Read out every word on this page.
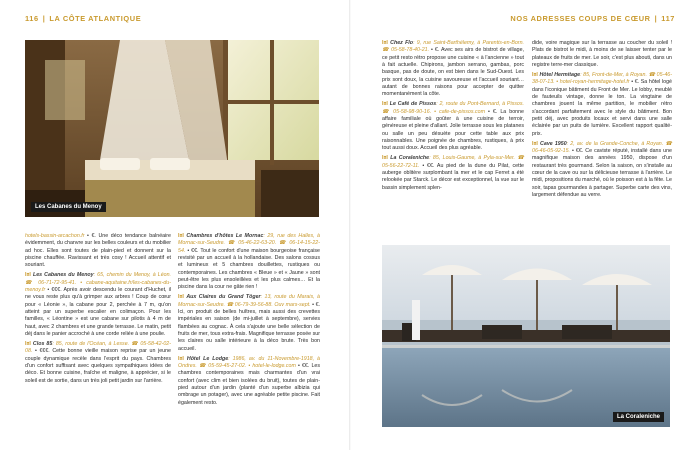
116 | LA CÔTE ATLANTIQUE	NOS ADRESSES COUPS DE CŒUR | 117
Les Cabanes du Menoy
La Coraleniche

hotels-bassin-arcachon.fr • €. Une déco tendance balnéaire évidemment, du chanvre sur les belles couleurs et du mobilier ad hoc. Elles sont toutes de plain-pied et donnent sur la piscine chauffée. Ravissant et très cosy ! Accueil attentif et souriant.

I¤I Les Cabanes du Menoy: 65, chemin du Menoy, à Léon. ☎ 06-71-72-95-41. • cabane-aquitaine.fr/les-cabanes-du-menoy.fr • €€€. Après avoir descendu le courant d'Huchet, il ne vous reste plus qu'à grimper aux arbres ! Coup de cœur pour « Léonie », la cabane pour 2, perchée à 7 m, qu'on atteint par un superbe escalier en colimaçon. Pour les familles, « Léontine » est une cabane sur pilotis à 4 m de haut, avec 2 chambres et une grande terrasse. Le matin, petit déj dans le panier accroché à une corde reliée à une poulie.

I¤I Clos 85: 85, route de l'Océan, à Lesse. ☎ 05-58-42-02-08. • €€€. Cette bonne vieille maison reprise par un jeune couple dynamique recèle dans l'esprit du pays. Chambres d'un confort suffisant avec quelques sympathiques idées de déco. Et bonne cuisine, fraîche et maligne, à apprécier, si le soleil est de sortie, dans un très joli petit jardin sur l'arrière.

I¤I Chambres d'hôtes Le Mornac: 29, rue des Halles, à Mornac-sur-Seudre. ☎ 05-46-22-63-20. ☎ 06-14-15-22-54. • €€. Tout le confort d'une maison bourgeoise française revisité par un accueil à la hollandaise. Des salons cossus et lumineux et 5 chambres douillettes, rustiques ou contemporaines. Les chambres « Bleue » et « Jaune » sont peut-être les plus ensoleillées et les plus calmes… Et la piscine dans la cour ne gâte rien !

I¤I Aux Claires du Grand Tôger: 13, route du Marais, à Mornac-sur-Seudre. ☎ 06-79-39-56-88. Ouv mars-sept. • €. Ici, on produit de belles huîtres, mais aussi des crevettes impériales en saison (de mi-juillet à septembre), servies flambées au cognac. À cela s'ajoute une belle sélection de fruits de mer, tous extra-frais. Magnifique terrasse posée sur les claires ou salle intérieure à la déco brute. Très bon accueil.

I¤I Hôtel Le Lodge: 1986, av. du 11-Novembre-1918, à Ondres. ☎ 05-59-45-27-02. • hotel-le-lodge.com • €€. Les chambres contemporaines mais charmantes d'un vrai confort (avec clim et bien isolées du bruit), toutes de plain-pied autour d'un jardin (planté d'un superbe albizia qui ombrage un potager), avec une agréable petite piscine. Fait également resto.

I¤I Chez Flo: 9, rue Saint-Barthélemy, à Parentis-en-Born. ☎ 05-58-78-40-21. • €. Avec ses airs de bistrot de village, ce petit resto rétro propose une cuisine « à l'ancienne » tout à fait actuelle. Chipirons, jambon serrano, gambas, porc basque, pas de doute, on est bien dans le Sud-Ouest. Les prix sont doux, la cuisine savoureuse et l'accueil souriant… autant de bonnes raisons pour accepter de quitter momentanément la côte.

I¤I Le Café de Pissos: 2, route du Pont-Bernard, à Pissos. ☎ 05-58-98-90-16. • cafe-de-pissos.com • €. La bonne affaire familiale où goûter à une cuisine de terroir, généreuse et pleine d'allant. Jolie terrasse sous les platanes ou salle un peu désuète pour cette table aux prix raisonnables. Une poignée de chambres, rustiques, à prix tout aussi doux. Accueil des plus agréable.

I¤I La Coraleniche: 85, Louis-Gaume, à Pyla-sur-Mer. ☎ 05-56-22-72-11. • €€. Au pied de la dune du Pilat, cette auberge oblitère surplombant la mer et le cap Ferret a été relookée par Starck. Le décor est exceptionnel, la vue sur le bassin simplement splen-

dide, voire magique sur la terrasse au coucher du soleil ! Plats de bistrot le midi, à moins de se laisser tenter par le plateaux de fruits de mer. Le soir, c'est plus abouti, dans un registre terre-mer classique.

I¤I Hôtel Hermitage: 85, Front-de-Mer, à Royan. ☎ 05-46-38-07-13. • hotel-royan-hermitage-hotel.fr • €. Sa hôtel logé dans l'iconique bâtiment du Front de Mer. Le lobby, meublé de fauteuils vintage, donne le ton. La vingtaine de chambres jouent la même partition, le mobilier rétro s'accordant parfaitement avec le style du bâtiment. Bon petit déj, avec produits locaux et servi dans une salle éclairée par un puits de lumière. Excellent rapport qualité-prix.

I¤I Cave 1950: 2, av. de la Grande-Conche, à Royan. ☎ 06-46-05-92-15. • €€. Ce caviste réputé, installé dans une magnifique maison des années 1950, dispose d'un restaurant très gourmand. Selon la saison, on s'installe au cœur de la cave ou sur la délicieuse terrasse à l'arrière. Le midi, propositions du marché, où le poisson est à la fête. Le soir, tapas gourmandes à partager. Superbe carte des vins, largement défendue au verre.
